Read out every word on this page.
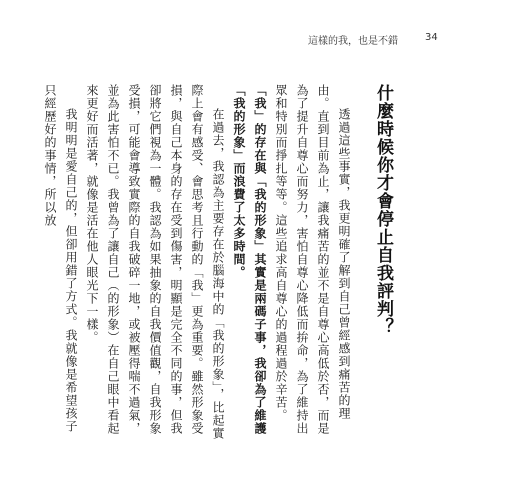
這樣的我，也是不錯	34
什麼時候你才會停止自我評判？

透過這些事實，我更明確了解到自己曾經感到痛苦的理由。直到目前為止，讓我痛苦的並不是自尊心高低於否，而是為了提升自尊心而努力，害怕自尊心降低而拚命，為了維持出眾和特別而掙扎等等。這些追求高自尊心的過程過於辛苦。「我」的存在與「我的形象」其實是兩碼子事，我卻為了維護「我的形象」而浪費了太多時間。

在過去，我認為主要存在於腦海中的「我的形象」，比起實際上會有感受、會思考且行動的「我」更為重要。雖然形象受損，與自己本身的存在受到傷害，明顯是完全不同的事，但我卻將它們視為一體。我認為如果抽象的自我價值觀，自我形象受損，可能會導致實際的自我破碎一地，或被壓得喘不過氣，並為此害怕不已。我曾為了讓自己（的形象）在自己眼中看起來更好而活著，就像是活在他人眼光下一樣。

我明明是愛自己的，但卻用錯了方式。我就像是希望孩子只經歷好的事情，所以放
